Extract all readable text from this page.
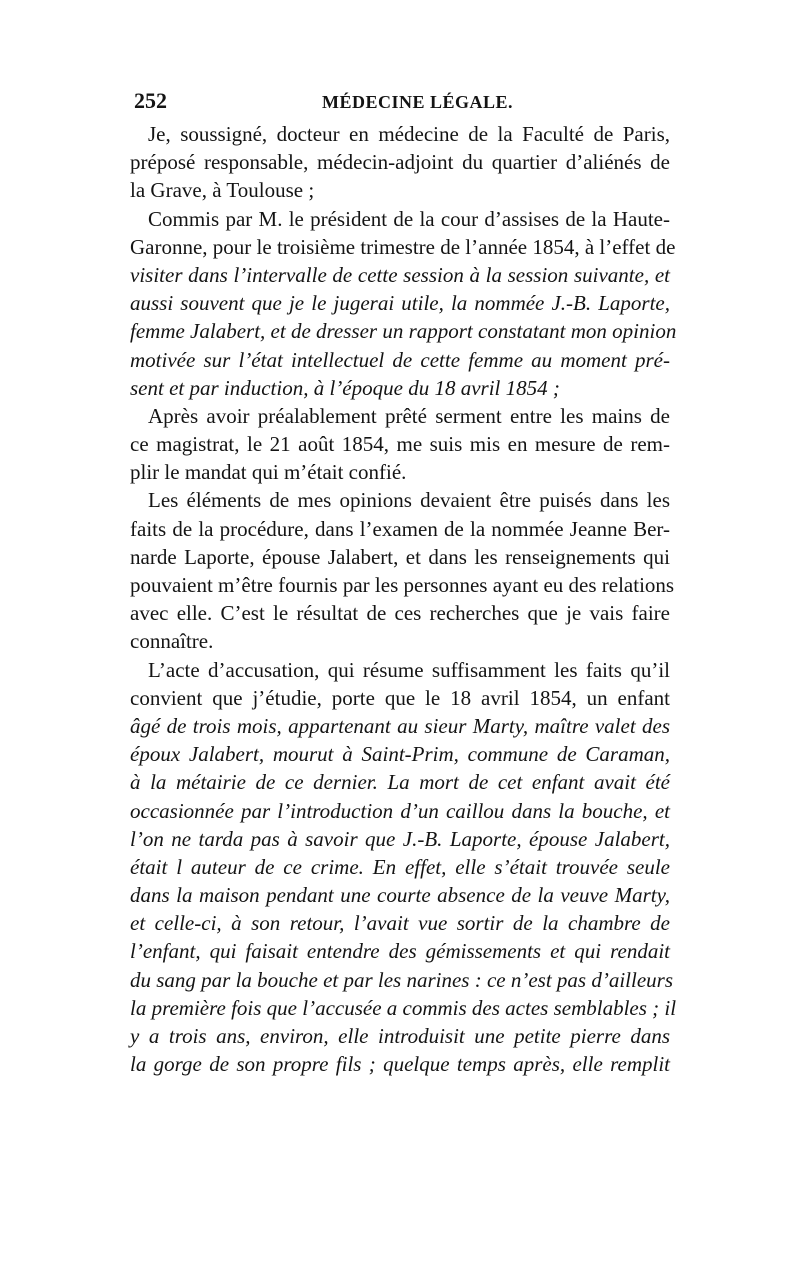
252	MÉDECINE LÉGALE.
Je, soussigné, docteur en médecine de la Faculté de Paris,
préposé responsable, médecin-adjoint du quartier d’aliénés de
la Grave, à Toulouse ;
Commis par M. le président de la cour d’assises de la Haute-
Garonne, pour le troisième trimestre de l’année 1854, à l’effet de
visiter dans l’intervalle de cette session à la session suivante, et
aussi souvent que je le jugerai utile, la nommée J.-B. Laporte,
femme Jalabert, et de dresser un rapport constatant mon opinion
motivée sur l’état intellectuel de cette femme au moment pré-
sent et par induction, à l’époque du 18 avril 1854 ;
Après avoir préalablement prêté serment entre les mains de
ce magistrat, le 21 août 1854, me suis mis en mesure de rem-
plir le mandat qui m’était confié.
Les éléments de mes opinions devaient être puisés dans les
faits de la procédure, dans l’examen de la nommée Jeanne Ber-
narde Laporte, épouse Jalabert, et dans les renseignements qui
pouvaient m’être fournis par les personnes ayant eu des relations
avec elle. C’est le résultat de ces recherches que je vais faire
connaître.
L’acte d’accusation, qui résume suffisamment les faits qu’il
convient que j’étudie, porte que le 18 avril 1854, un enfant
âgé de trois mois, appartenant au sieur Marty, maître valet des
époux Jalabert, mourut à Saint-Prim, commune de Caraman,
à la métairie de ce dernier. La mort de cet enfant avait été
occasionnée par l’introduction d’un caillou dans la bouche, et
l’on ne tarda pas à savoir que J.-B. Laporte, épouse Jalabert,
était l auteur de ce crime. En effet, elle s’était trouvée seule
dans la maison pendant une courte absence de la veuve Marty,
et celle-ci, à son retour, l’avait vue sortir de la chambre de
l’enfant, qui faisait entendre des gémissements et qui rendait
du sang par la bouche et par les narines : ce n’est pas d’ailleurs
la première fois que l’accusée a commis des actes semblables ; il
y a trois ans, environ, elle introduisit une petite pierre dans
la gorge de son propre fils ; quelque temps après, elle remplit
